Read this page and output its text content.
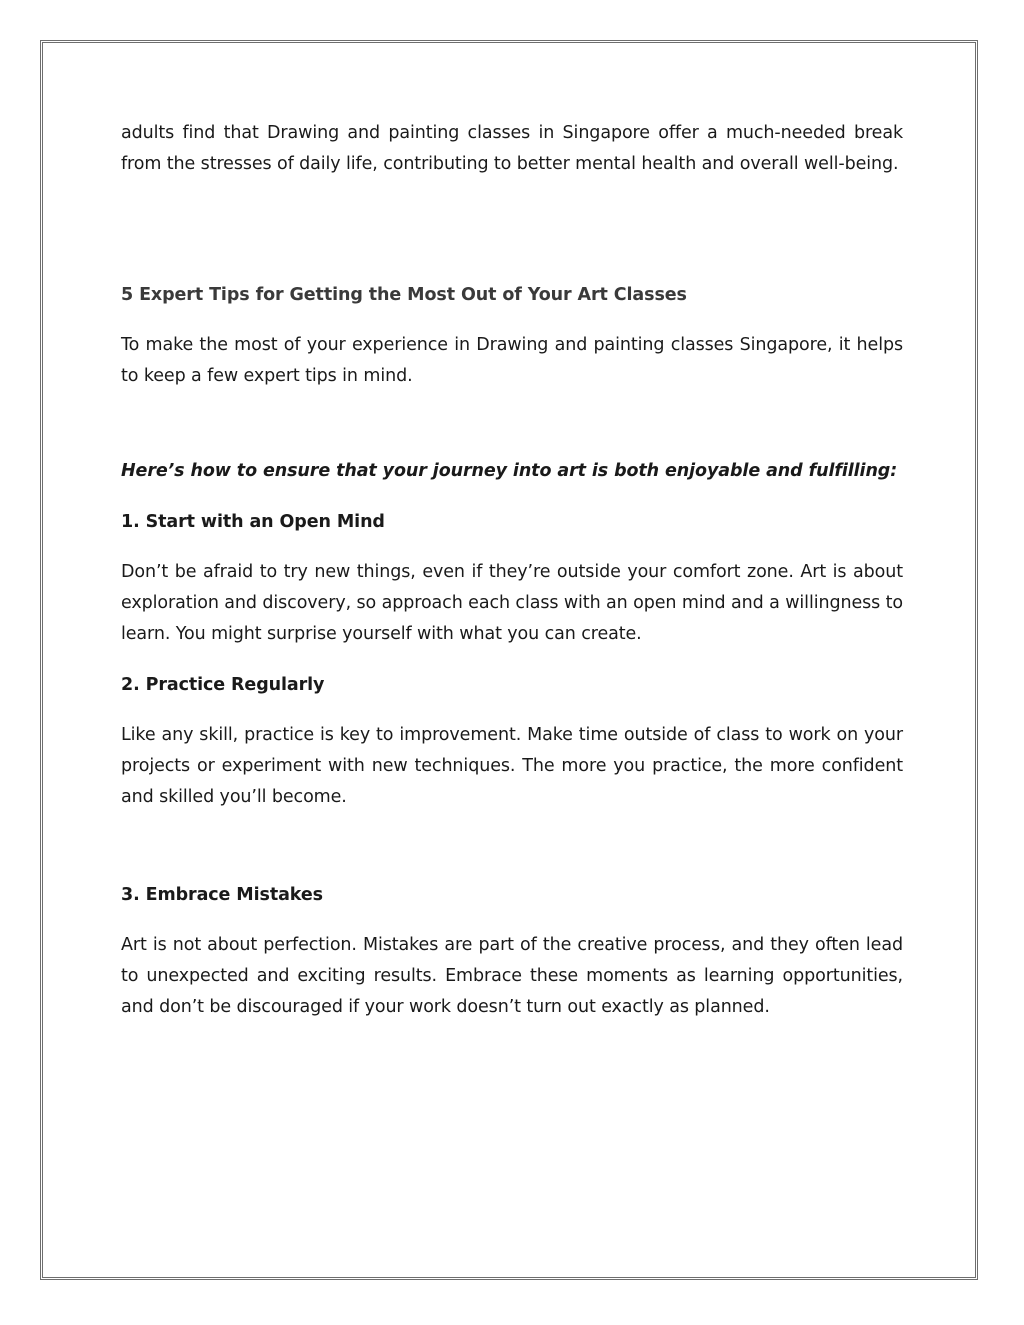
adults find that Drawing and painting classes in Singapore offer a much-needed break from the stresses of daily life, contributing to better mental health and overall well-being.

5 Expert Tips for Getting the Most Out of Your Art Classes

To make the most of your experience in Drawing and painting classes Singapore, it helps to keep a few expert tips in mind.

Here’s how to ensure that your journey into art is both enjoyable and fulfilling:
1. Start with an Open Mind

Don’t be afraid to try new things, even if they’re outside your comfort zone. Art is about exploration and discovery, so approach each class with an open mind and a willingness to learn. You might surprise yourself with what you can create.

2. Practice Regularly

Like any skill, practice is key to improvement. Make time outside of class to work on your projects or experiment with new techniques. The more you practice, the more confident and skilled you’ll become.

3. Embrace Mistakes

Art is not about perfection. Mistakes are part of the creative process, and they often lead to unexpected and exciting results. Embrace these moments as learning opportunities, and don’t be discouraged if your work doesn’t turn out exactly as planned.
